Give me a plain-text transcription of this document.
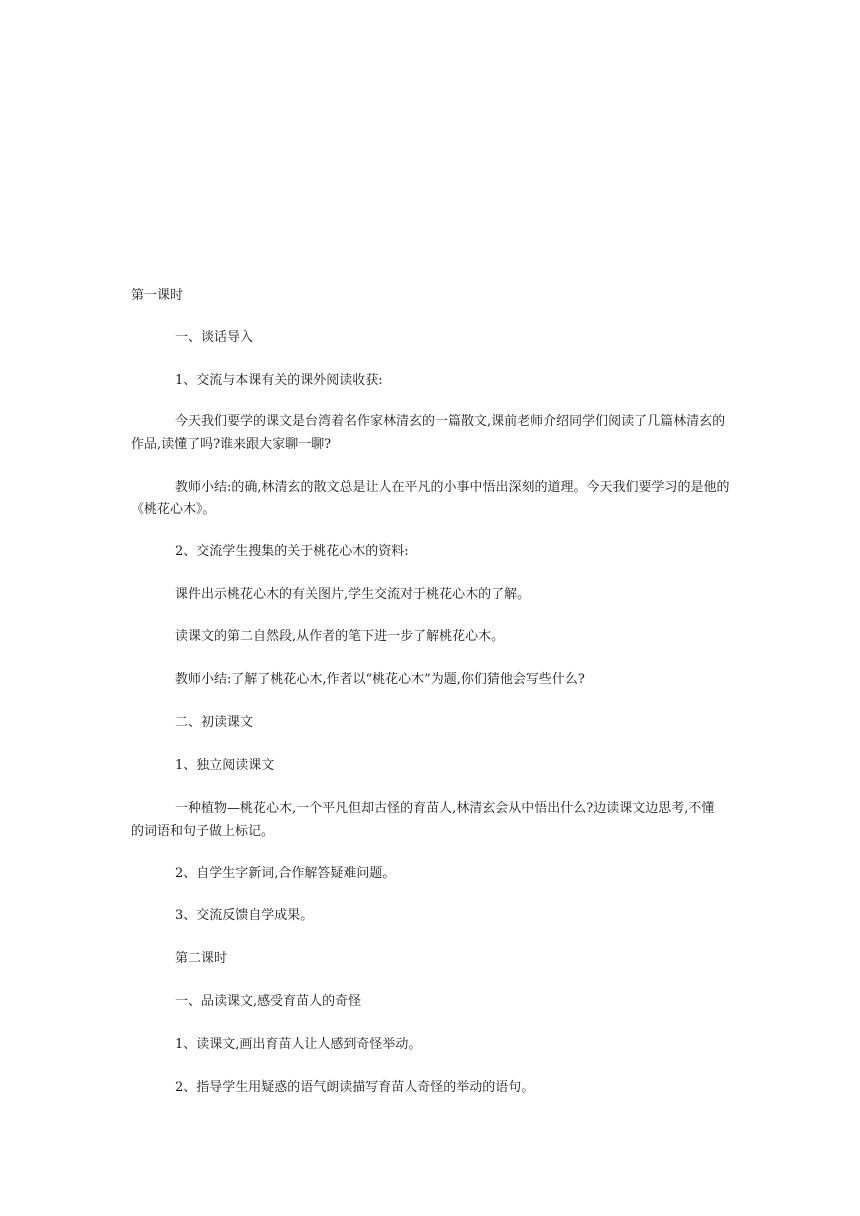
第一课时
一、谈话导入
1、交流与本课有关的课外阅读收获:
今天我们要学的课文是台湾着名作家林清玄的一篇散文,课前老师介绍同学们阅读了几篇林清玄的
作品,读懂了吗?谁来跟大家聊一聊?
教师小结:的确,林清玄的散文总是让人在平凡的小事中悟出深刻的道理。今天我们要学习的是他的
《桃花心木》。
2、交流学生搜集的关于桃花心木的资料:
课件出示桃花心木的有关图片,学生交流对于桃花心木的了解。
读课文的第二自然段,从作者的笔下进一步了解桃花心木。
教师小结:了解了桃花心木,作者以“桃花心木”为题,你们猜他会写些什么?
二、初读课文
1、独立阅读课文
一种植物—桃花心木,一个平凡但却古怪的育苗人,林清玄会从中悟出什么?边读课文边思考,不懂
的词语和句子做上标记。
2、自学生字新词,合作解答疑难问题。
3、交流反馈自学成果。
第二课时
一、品读课文,感受育苗人的奇怪
1、读课文,画出育苗人让人感到奇怪举动。
2、指导学生用疑惑的语气朗读描写育苗人奇怪的举动的语句。
